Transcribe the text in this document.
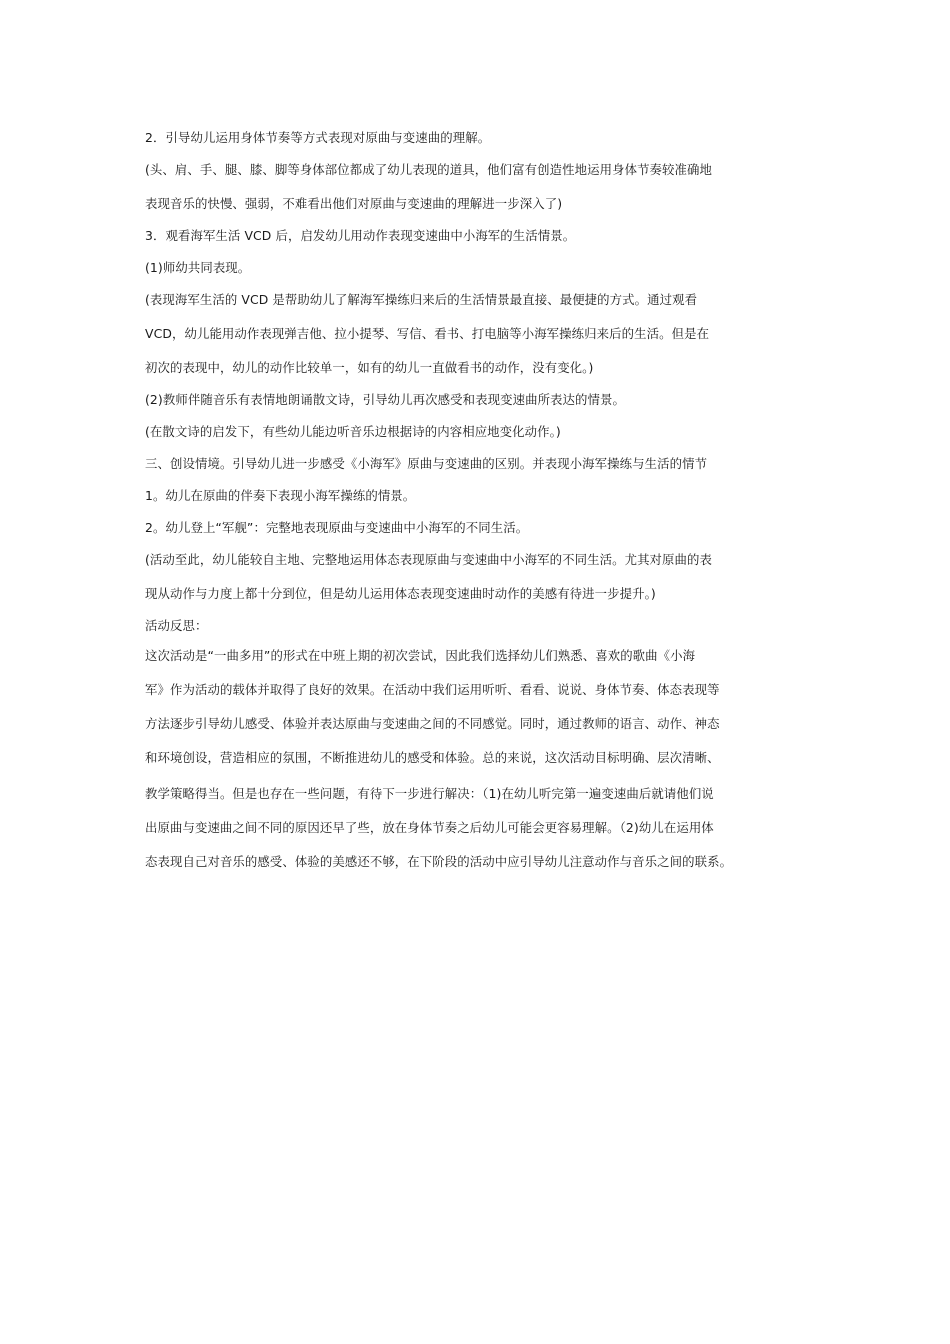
2．引导幼儿运用身体节奏等方式表现对原曲与变速曲的理解。
(头、肩、手、腿、膝、脚等身体部位都成了幼儿表现的道具，他们富有创造性地运用身体节奏较准确地
表现音乐的快慢、强弱，不难看出他们对原曲与变速曲的理解进一步深入了)
3．观看海军生活 VCD 后，启发幼儿用动作表现变速曲中小海军的生活情景。
(1)师幼共同表现。
(表现海军生活的 VCD 是帮助幼儿了解海军操练归来后的生活情景最直接、最便捷的方式。通过观看
VCD，幼儿能用动作表现弹吉他、拉小提琴、写信、看书、打电脑等小海军操练归来后的生活。但是在
初次的表现中，幼儿的动作比较单一，如有的幼儿一直做看书的动作，没有变化。)
(2)教师伴随音乐有表情地朗诵散文诗，引导幼儿再次感受和表现变速曲所表达的情景。
(在散文诗的启发下，有些幼儿能边听音乐边根据诗的内容相应地变化动作。)
三、创设情境。引导幼儿进一步感受《小海军》原曲与变速曲的区别。并表现小海军操练与生活的情节
1。幼儿在原曲的伴奏下表现小海军操练的情景。
2。幼儿登上“军舰”：完整地表现原曲与变速曲中小海军的不同生活。
(活动至此，幼儿能较自主地、完整地运用体态表现原曲与变速曲中小海军的不同生活。尤其对原曲的表
现从动作与力度上都十分到位，但是幼儿运用体态表现变速曲时动作的美感有待进一步提升。)
活动反思：
这次活动是“一曲多用”的形式在中班上期的初次尝试，因此我们选择幼儿们熟悉、喜欢的歌曲《小海
军》作为活动的载体并取得了良好的效果。在活动中我们运用听听、看看、说说、身体节奏、体态表现等
方法逐步引导幼儿感受、体验并表达原曲与变速曲之间的不同感觉。同时，通过教师的语言、动作、神态
和环境创设，营造相应的氛围，不断推进幼儿的感受和体验。总的来说，这次活动目标明确、层次清晰、
教学策略得当。但是也存在一些问题，有待下一步进行解决：（1)在幼儿听完第一遍变速曲后就请他们说
出原曲与变速曲之间不同的原因还早了些，放在身体节奏之后幼儿可能会更容易理解。（2)幼儿在运用体
态表现自己对音乐的感受、体验的美感还不够，在下阶段的活动中应引导幼儿注意动作与音乐之间的联系。
